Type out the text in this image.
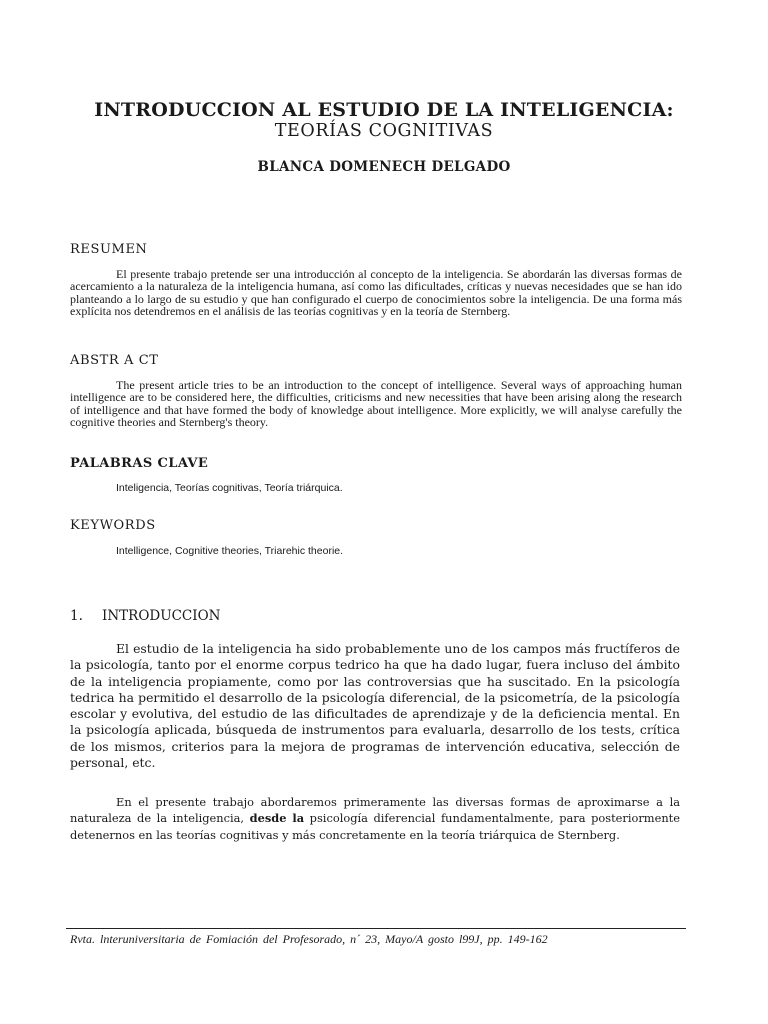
INTRODUCCION AL ESTUDIO DE LA INTELIGENCIA:
TEORÍAS COGNITIVAS
BLANCA DOMENECH DELGADO
RESUMEN

El presente trabajo pretende ser una introducción al concepto de la inteligencia. Se abordarán las diversas formas de acercamiento a la naturaleza de la inteligencia humana, así como las dificultades, críticas y nuevas necesidades que se han ido planteando a lo largo de su estudio y que han configurado el cuerpo de conocimientos sobre la inteligencia. De una forma más explícita nos detendremos en el análisis de las teorías cognitivas y en la teoría de Sternberg.

ABSTR A CT

The present article tries to be an introduction to the concept of intelligence. Several ways of approaching human intelligence are to be considered here, the difficulties, criticisms and new necessities that have been arising along the research of intelligence and that have formed the body of knowledge about intelligence. More explicitly, we will analyse carefully the cognitive theories and Sternberg's theory.

PALABRAS CLAVE
Inteligencia, Teorías cognitivas, Teoría triárquica.
KEYWORDS
Intelligence, Cognitive theories, Triarehic theorie.
1. INTRODUCCION

El estudio de la inteligencia ha sido probablemente uno de los campos más fructíferos de la psicología, tanto por el enorme corpus tedrico ha que ha dado lugar, fuera incluso del ámbito de la inteligencia propiamente, como por las controversias que ha suscitado. En la psicología tedrica ha permitido el desarrollo de la psicología diferencial, de la psicometría, de la psicología escolar y evolutiva, del estudio de las dificultades de aprendizaje y de la deficiencia mental. En la psicología aplicada, búsqueda de instrumentos para evaluarla, desarrollo de los tests, crítica de los mismos, criterios para la mejora de programas de intervención educativa, selección de personal, etc.

En el presente trabajo abordaremos primeramente las diversas formas de aproximarse a la naturaleza de la inteligencia, desde la psicología diferencial fundamentalmente, para posteriormente detenernos en las teorías cognitivas y más concretamente en la teoría triárquica de Sternberg.

Rvta. lnteruniversitaria de Fomiación del Profesorado, n´ 23, Mayo/A gosto l99J, pp. 149-162
